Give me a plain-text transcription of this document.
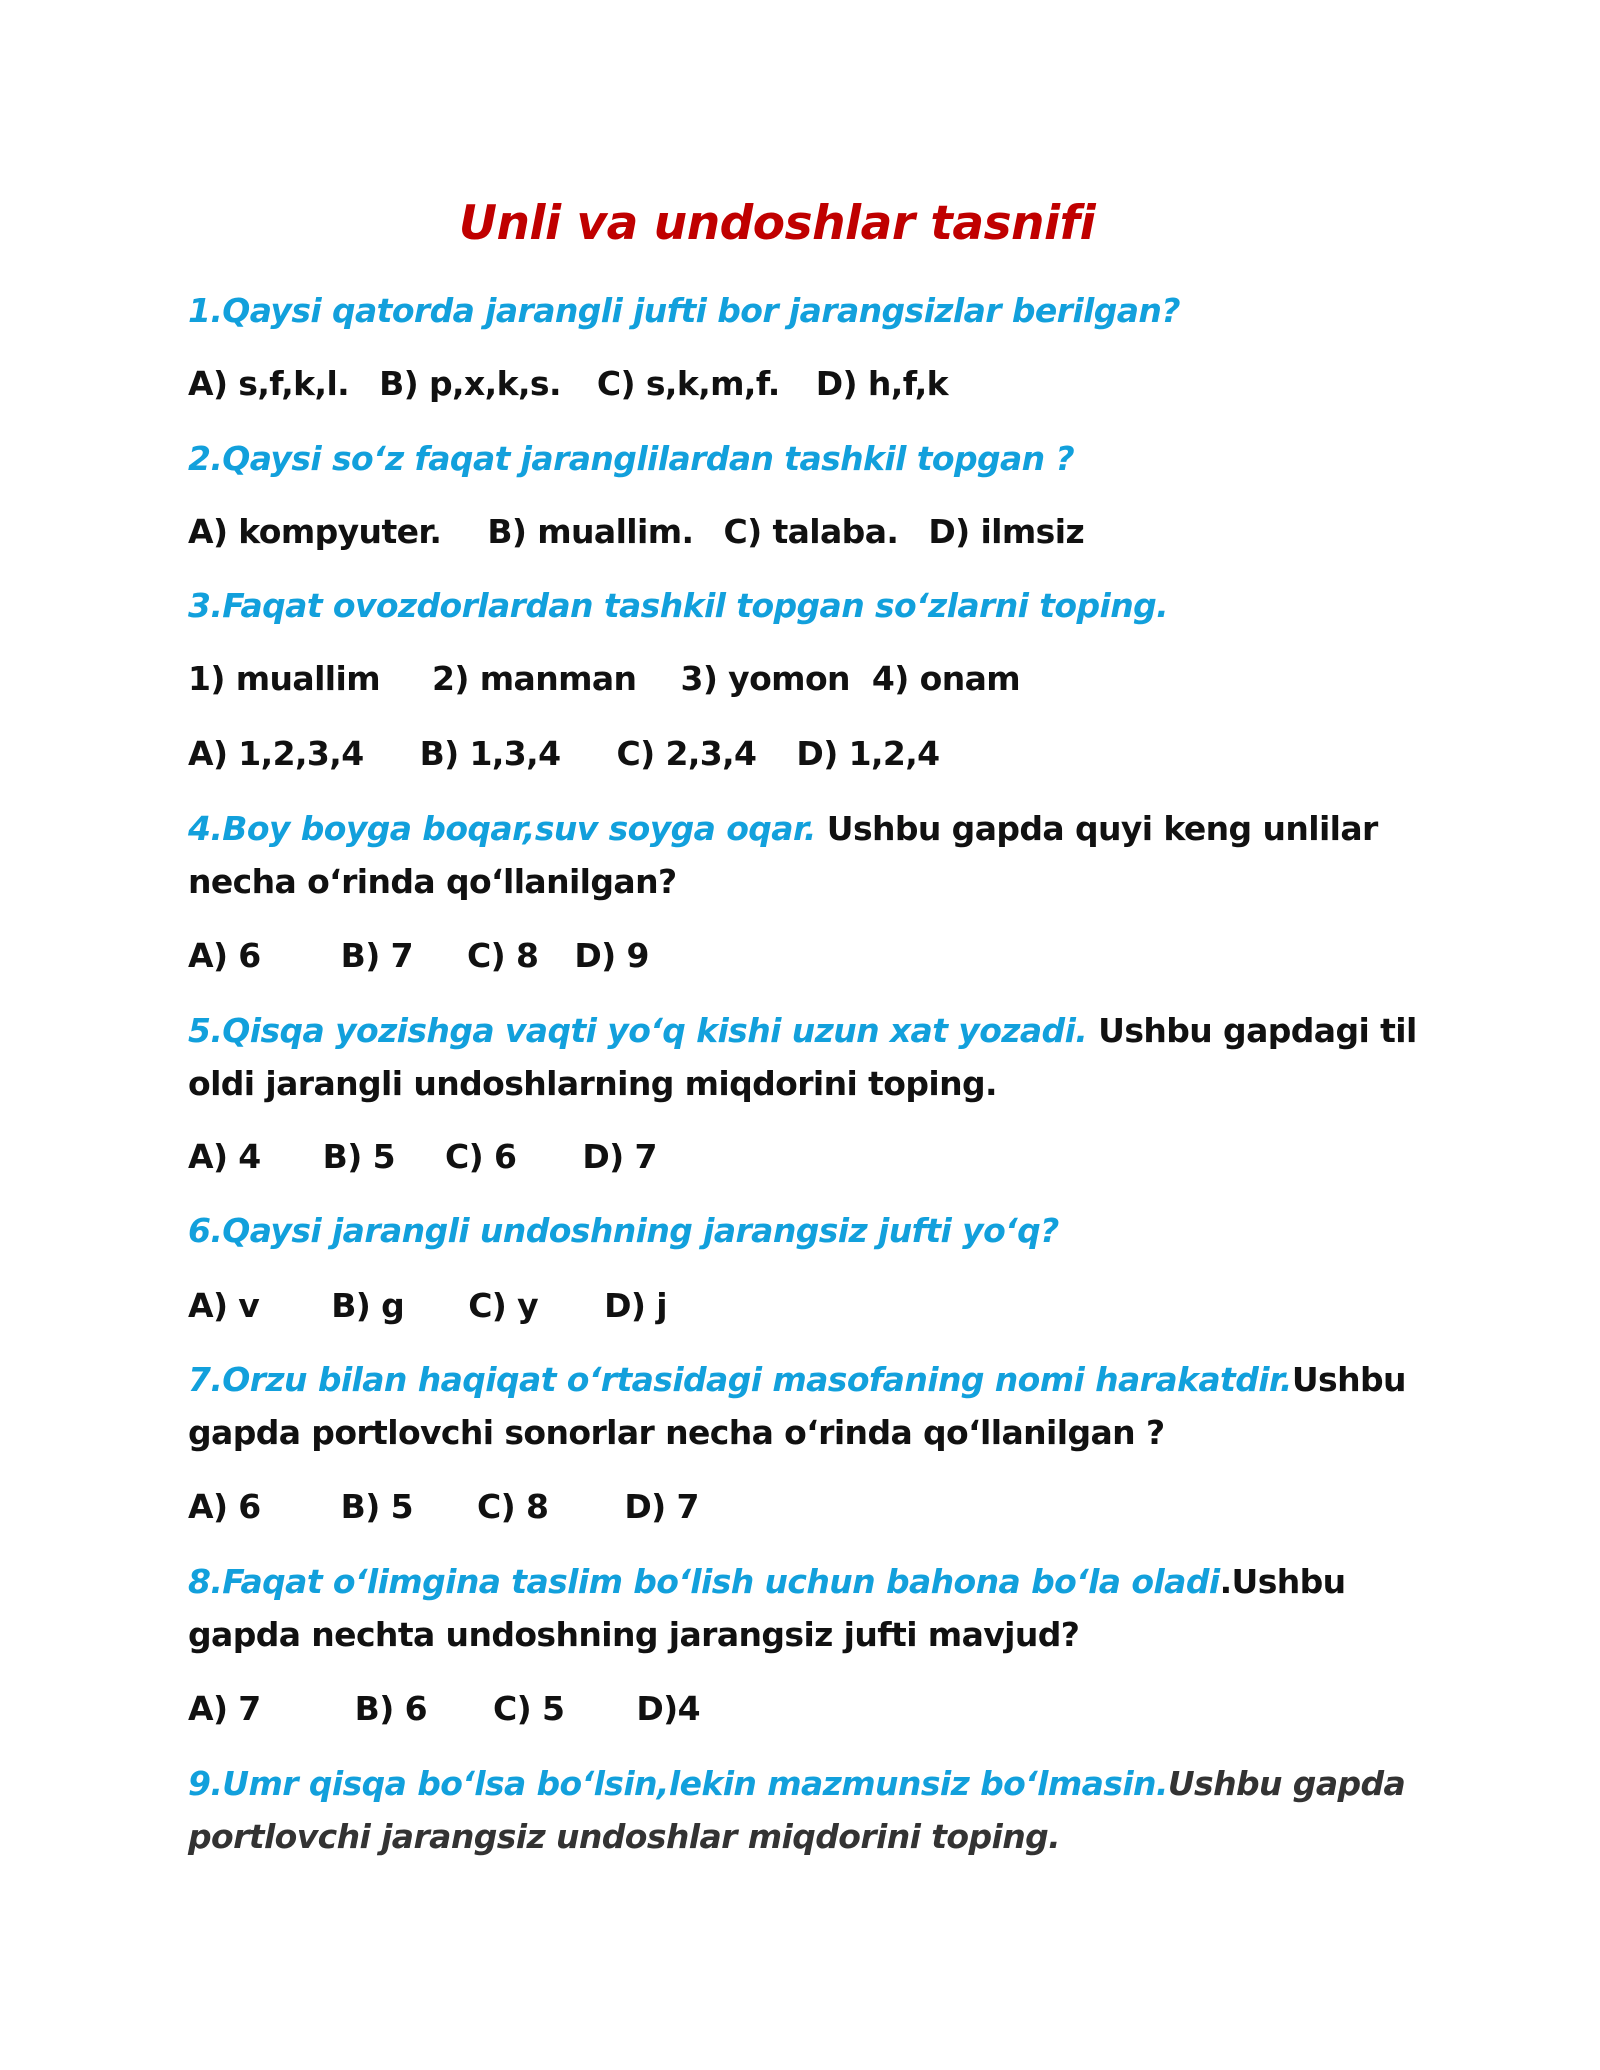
Unli va undoshlar tasnifi
1.Qaysi qatorda jarangli jufti bor jarangsizlar berilgan?
A) s,f,k,l. B) p,x,k,s. C) s,k,m,f. D) h,f,k
2.Qaysi so‘z faqat jaranglilardan tashkil topgan ?
A) kompyuter. B) muallim. C) talaba. D) ilmsiz
3.Faqat ovozdorlardan tashkil topgan so‘zlarni toping.
1) muallim 2) manman 3) yomon 4) onam
A) 1,2,3,4 B) 1,3,4 C) 2,3,4 D) 1,2,4
4.Boy boyga boqar,suv soyga oqar. Ushbu gapda quyi keng unlilar
necha o‘rinda qo‘llanilgan?
A) 6 B) 7 C) 8 D) 9
5.Qisqa yozishga vaqti yo‘q kishi uzun xat yozadi. Ushbu gapdagi til
oldi jarangli undoshlarning miqdorini toping.
A) 4 B) 5 C) 6 D) 7
6.Qaysi jarangli undoshning jarangsiz jufti yo‘q?
A) v B) g C) y D) j
7.Orzu bilan haqiqat o‘rtasidagi masofaning nomi harakatdir.Ushbu
gapda portlovchi sonorlar necha o‘rinda qo‘llanilgan ?
A) 6 B) 5 C) 8 D) 7
8.Faqat o‘limgina taslim bo‘lish uchun bahona bo‘la oladi.Ushbu
gapda nechta undoshning jarangsiz jufti mavjud?
A) 7	B) 6 C) 5 D)4
9.Umr qisqa bo‘lsa bo‘lsin,lekin mazmunsiz bo‘lmasin.Ushbu gapda
portlovchi jarangsiz undoshlar miqdorini toping.
